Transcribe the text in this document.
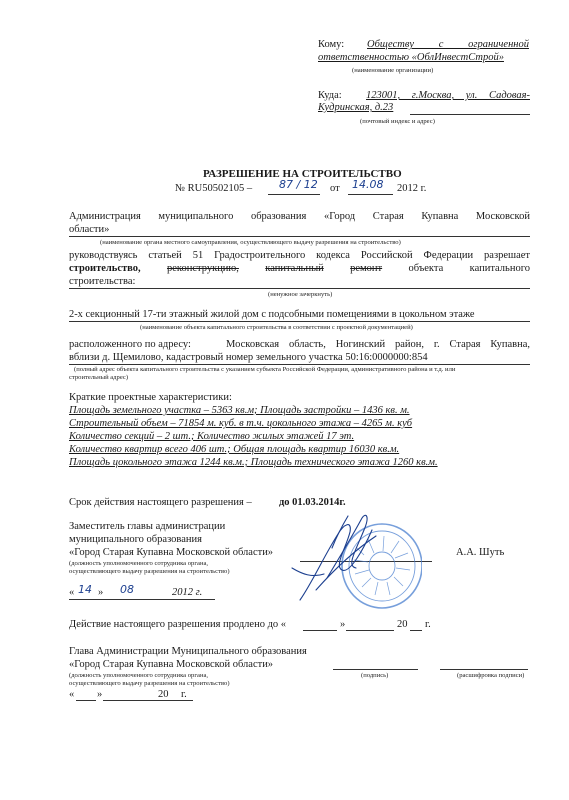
Кому: Обществу с ограниченной
ответственностью «ОблИнвестСтрой»
(наименование организации)
Куда: 123001, г.Москва, ул. Садовая-
Кудринская, д.23
(почтовый индекс и адрес)
РАЗРЕШЕНИЕ НА СТРОИТЕЛЬСТВО
№ RU50502105 – 87 / 12 от 14.08 2012 г.
Администрация муниципального образования «Город Старая Купавна Московской
области»
(наименование органа местного самоуправления, осуществляющего выдачу разрешения на строительство)
руководствуясь статьей 51 Градостроительного кодекса Российской Федерации разрешает
строительство,	реконструкцию,	капитальный	ремонт	объекта	капитального
строительства:
(ненужное зачеркнуть)
2-х секционный 17-ти этажный жилой дом с подсобными помещениями в цокольном этаже
(наименование объекта капитального строительства в соответствии с проектной документацией)
расположенного по адресу:	Московская область, Ногинский район, г. Старая Купавна,
вблизи д. Щемилово, кадастровый номер земельного участка 50:16:0000000:854
(полный адрес объекта капитального строительства с указанием субъекта Российской Федерации, административного района и т.д. или
строительный адрес)
Краткие проектные характеристики:
Площадь земельного участка – 5363 кв.м; Площадь застройки – 1436 кв. м.
Строительный объем – 71854 м. куб. в т.ч. цокольного этажа – 4265 м. куб
Количество секций – 2 шт.; Количество жилых этажей 17 эт.
Количество квартир всего 406 шт.; Общая площадь квартир 16030 кв.м.
Площадь цокольного этажа 1244 кв.м.; Площадь технического этажа 1260 кв.м.
Срок действия настоящего разрешения –	до 01.03.2014г.
Заместитель главы администрации
муниципального образования
«Город Старая Купавна Московской области»	А.А. Шуть
(должность уполномоченного сотрудника органа,
осуществляющего выдачу разрешения на строительство)
« 14 » 08	2012 г.
Действие настоящего разрешения продлено до «	»	20 г.
Глава Администрации Муниципального образования
«Город Старая Купавна Московской области»
(должность уполномоченного сотрудника органа,
осуществляющего выдачу разрешения на строительство)
(подпись)	(расшифровка подписи)
« »	20 г.
